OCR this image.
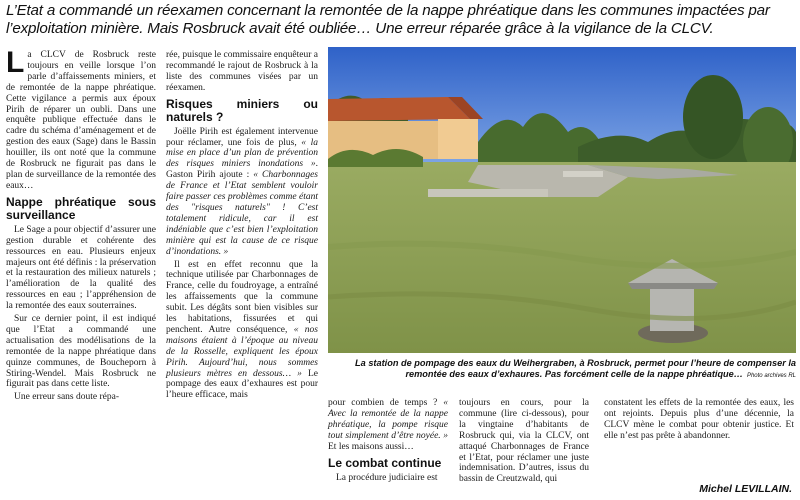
L’Etat a commandé un réexamen concernant la remontée de la nappe phréatique dans les communes impactées par l’exploitation minière. Mais Rosbruck avait été oubliée… Une erreur réparée grâce à la vigilance de la CLCV.

La CLCV de Rosbruck reste toujours en veille lorsque l’on parle d’affaissements miniers, et de remontée de la nappe phréatique. Cette vigilance a permis aux époux Pirih de réparer un oubli. Dans une enquête publique effectuée dans le cadre du schéma d’aménagement et de gestion des eaux (Sage) dans le Bassin houiller, ils ont noté que la commune de Rosbruck ne figurait pas dans le plan de surveillance de la remontée des eaux…

Nappe phréatique sous surveillance

Le Sage a pour objectif d’assurer une gestion durable et cohérente des ressources en eau. Plusieurs enjeux majeurs ont été définis : la préservation et la restauration des milieux naturels ; l’amélioration de la qualité des ressources en eau ; l’appréhension de la remontée des eaux souterraines.

Sur ce dernier point, il est indiqué que l’Etat a commandé une actualisation des modélisations de la remontée de la nappe phréatique dans quinze communes, de Boucheporn à Stiring-Wendel. Mais Rosbruck ne figurait pas dans cette liste.

Une erreur sans doute répa-

rée, puisque le commissaire enquêteur a recommandé le rajout de Rosbruck à la liste des communes visées par un réexamen.

Risques miniers ou naturels ?

Joëlle Pirih est également intervenue pour réclamer, une fois de plus, « la mise en place d’un plan de prévention des risques miniers inondations ». Gaston Pirih ajoute : « Charbonnages de France et l’Etat semblent vouloir faire passer ces problèmes comme étant des "risques naturels" ! C’est totalement ridicule, car il est indéniable que c’est bien l’exploitation minière qui est la cause de ce risque d’inondations. »

Il est en effet reconnu que la technique utilisée par Charbonnages de France, celle du foudroyage, a entraîné les affaissements que la commune subit. Les dégâts sont bien visibles sur les habitations, fissurées et qui penchent. Autre conséquence, « nos maisons étaient à l’époque au niveau de la Rosselle, expliquent les époux Pirih. Aujourd’hui, nous sommes plusieurs mètres en dessous… » Le pompage des eaux d’exhaures est pour l’heure efficace, mais

La station de pompage des eaux du Weihergraben, à Rosbruck, permet pour l’heure de compenser la remontée des eaux d’exhaures. Pas forcément celle de la nappe phréatique… Photo archives RL

pour combien de temps ? « Avec la remontée de la nappe phréatique, la pompe risque tout simplement d’être noyée. » Et les maisons aussi…

Le combat continue

La procédure judiciaire est

toujours en cours, pour la commune (lire ci-dessous), pour la vingtaine d’habitants de Rosbruck qui, via la CLCV, ont attaqué Charbonnages de France et l’Etat, pour réclamer une juste indemnisation. D’autres, issus du bassin de Creutzwald, qui

constatent les effets de la remontée des eaux, les ont rejoints. Depuis plus d’une décennie, la CLCV mène le combat pour obtenir justice. Et elle n’est pas prête à abandonner.

Michel LEVILLAIN.
